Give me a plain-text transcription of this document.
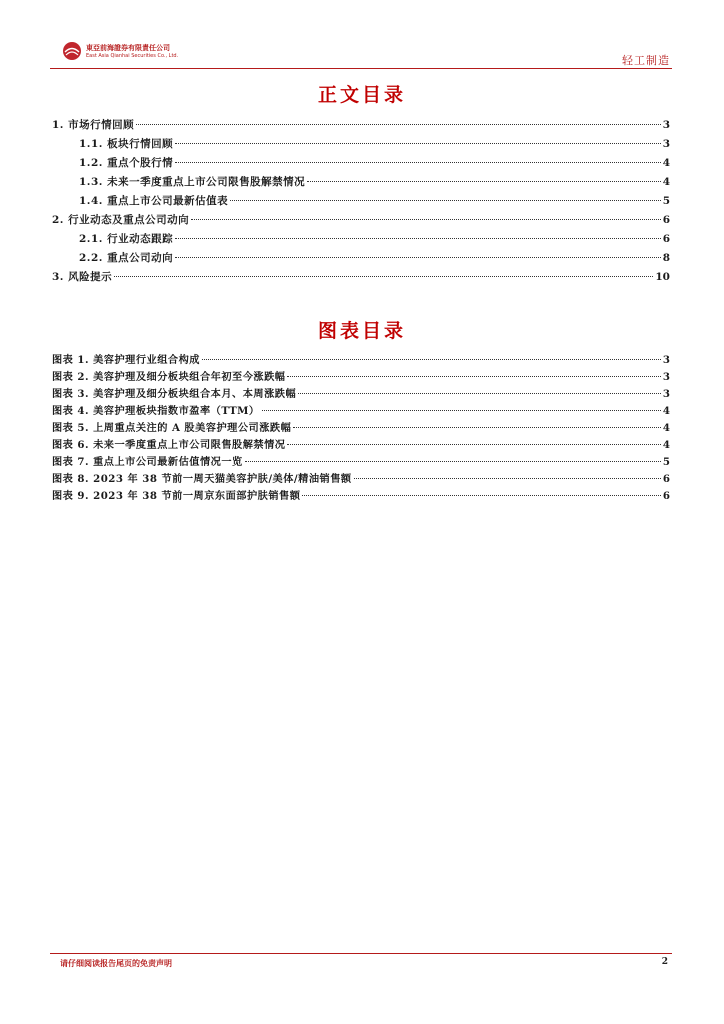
東亞前海證券有限責任公司
East Asia Qianhai Securities Co., Ltd.	轻工制造
正文目录
1. 市场行情回顾	3
1.1. 板块行情回顾	3
1.2. 重点个股行情	4
1.3. 未来一季度重点上市公司限售股解禁情况	4
1.4. 重点上市公司最新估值表	5
2. 行业动态及重点公司动向	6
2.1. 行业动态跟踪	6
2.2. 重点公司动向	8
3. 风险提示	10
图表目录
图表 1. 美容护理行业组合构成	3
图表 2. 美容护理及细分板块组合年初至今涨跌幅	3
图表 3. 美容护理及细分板块组合本月、本周涨跌幅	3
图表 4. 美容护理板块指数市盈率（TTM）	4
图表 5. 上周重点关注的 A 股美容护理公司涨跌幅	4
图表 6. 未来一季度重点上市公司限售股解禁情况	4
图表 7. 重点上市公司最新估值情况一览	5
图表 8. 2023 年 38 节前一周天猫美容护肤/美体/精油销售额	6
图表 9. 2023 年 38 节前一周京东面部护肤销售额	6
请仔细阅读报告尾页的免责声明	2
